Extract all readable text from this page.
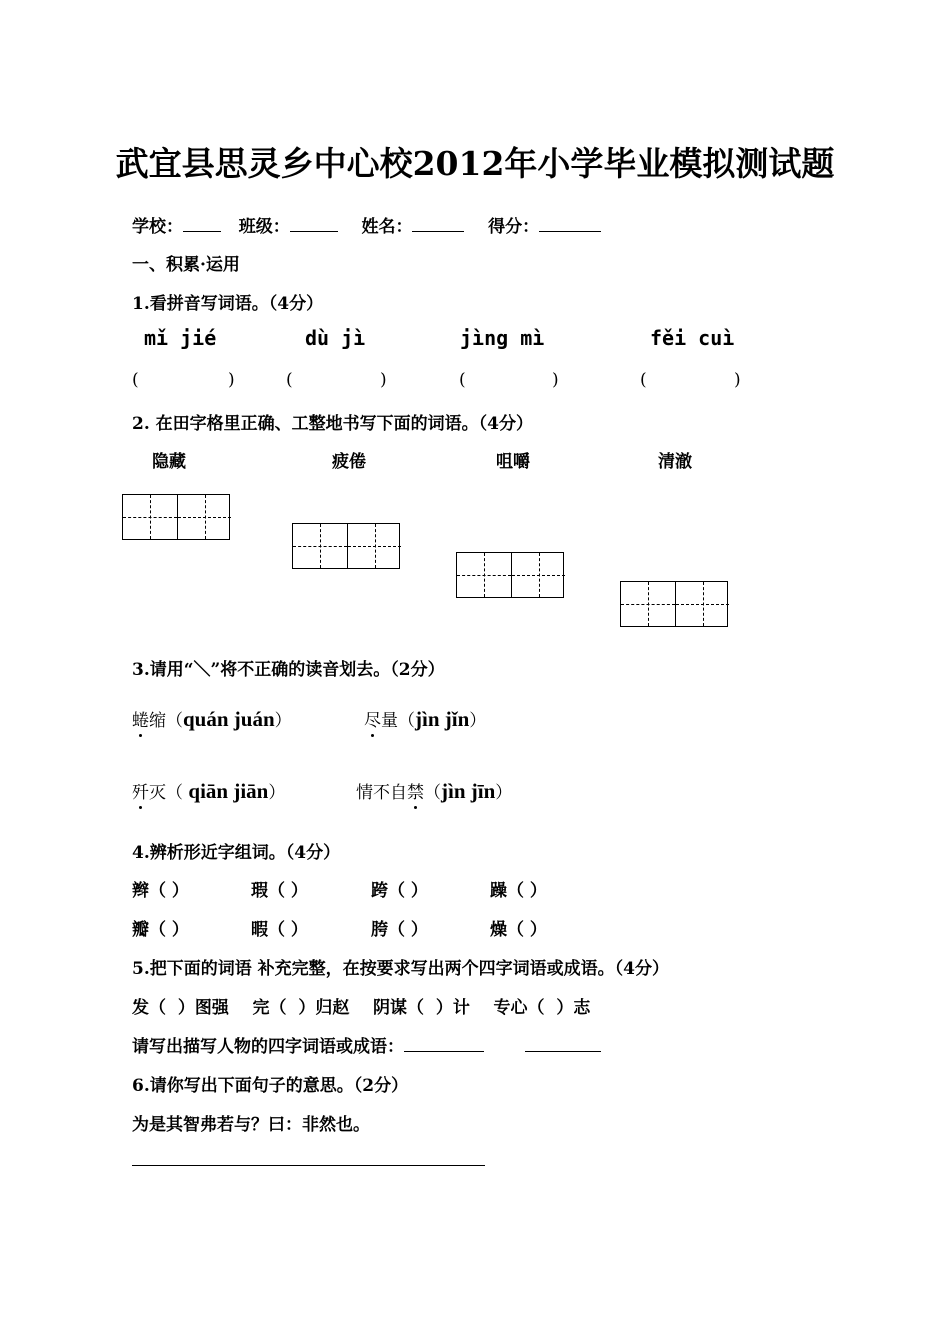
武宜县思灵乡中心校2012年小学毕业模拟测试题
学校：	班级：	姓名：	得分：
一、积累·运用
1.看拼音写词语。（4分）
mǐ jié	dù jì	jìng mì	fěi cuì
(	)	(	)	(	)	(	)
2. 在田字格里正确、工整地书写下面的词语。（4分）
隐藏	疲倦	咀嚼	清澈
3.请用“＼”将不正确的读音划去。（2分）
蜷缩（quán juán）	尽量（jìn jǐn）
歼灭（ qiān jiān）	情不自禁（jìn jīn）
4.辨析形近字组词。（4分）
辫（ ）	瑕（ ）	跨（ ）	躁（ ）
瓣（ ）	暇（ ）	胯（ ）	燥（ ）
5.把下面的词语 补充完整，在按要求写出两个四字词语或成语。（4分）
发（  ）图强    完（  ）归赵    阴谋（  ）计    专心（  ）志
请写出描写人物的四字词语或成语：
6.请你写出下面句子的意思。（2分）
为是其智弗若与？曰：非然也。
